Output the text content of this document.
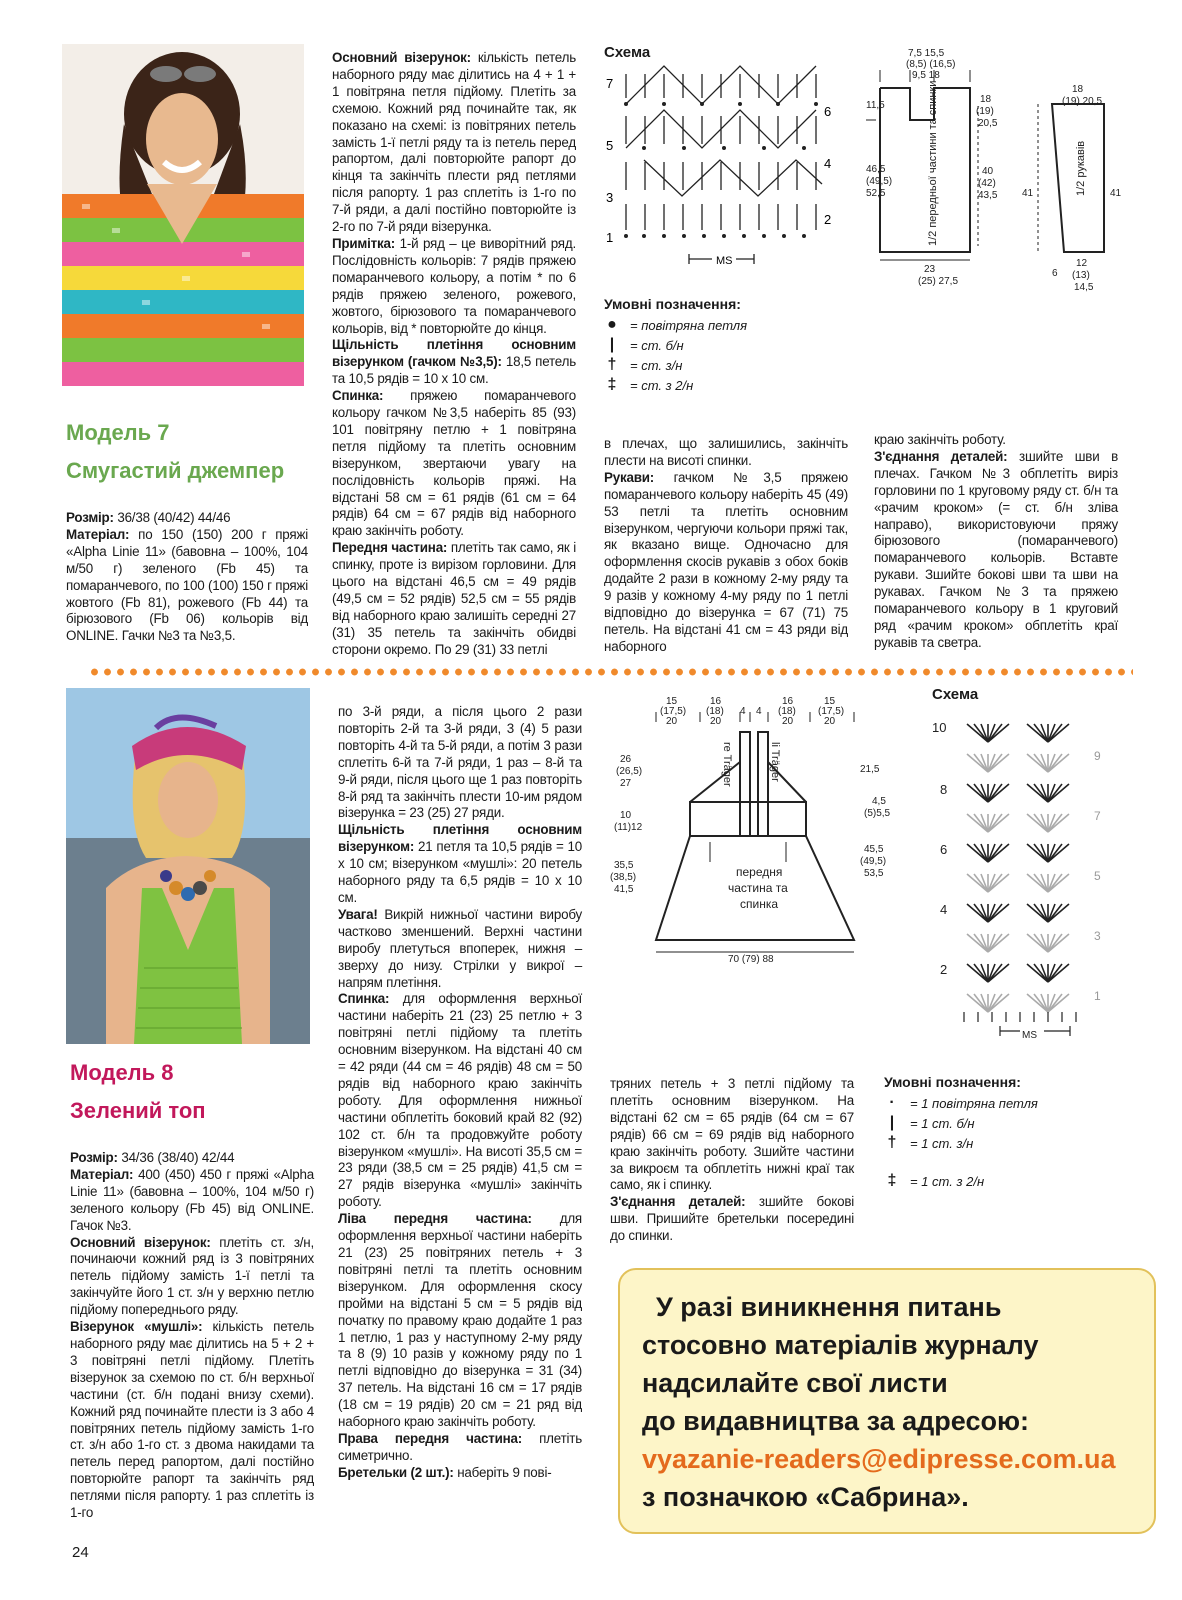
Модель 7
Смугастий джемпер

Розмір: 36/38 (40/42) 44/46

Матеріал: по 150 (150) 200 г пряжі «Alpha Linie 11» (бавовна – 100%, 104 м/50 г) зеленого (Fb 45) та помаранчевого, по 100 (100) 150 г пряжі жовтого (Fb 81), рожевого (Fb 44) та бірюзового (Fb 06) кольорів від ONLINE. Гачки №3 та №3,5.

Основний візерунок: кількість петель наборного ряду має ділитись на 4 + 1 + 1 повітряна петля підйому. Плетіть за схемою. Кожний ряд починайте так, як показано на схемі: із повітряних петель замість 1-ї петлі ряду та із петель перед рапортом, далі повторюйте рапорт до кінця та закінчіть плести ряд петлями після рапорту. 1 раз сплетіть із 1-го по 7-й ряди, а далі постійно повторюйте із 2-го по 7-й ряди візерунка.

Примітка: 1-й ряд – це виворітний ряд. Послідовність кольорів: 7 рядів пряжею помаранчевого кольору, а потім * по 6 рядів пряжею зеленого, рожевого, жовтого, бірюзового та помаранчевого кольорів, від * повторюйте до кінця.

Щільність плетіння основним візерунком (гачком №3,5): 18,5 петель та 10,5 рядів = 10 х 10 см.

Спинка: пряжею помаранчевого кольору гачком №3,5 наберіть 85 (93) 101 повітряну петлю + 1 повітряна петля підйому та плетіть основним візерунком, звертаючи увагу на послідовність кольорів пряжі. На відстані 58 см = 61 рядів (61 см = 64 рядів) 64 см = 67 рядів від наборного краю закінчіть роботу.

Передня частина: плетіть так само, як і спинку, проте із вирізом горловини. Для цього на відстані 46,5 см = 49 рядів (49,5 см = 52 рядів) 52,5 см = 55 рядів від наборного краю залишіть середні 27 (31) 35 петель та закінчіть обидві сторони окремо. По 29 (31) 33 петлі

в плечах, що залишились, закінчіть плести на висоті спинки.

Рукави: гачком №3,5 пряжею помаранчевого кольору наберіть 45 (49) 53 петлі та плетіть основним візерунком, чергуючи кольори пряжі так, як вказано вище. Одночасно для оформлення скосів рукавів з обох боків додайте 2 рази в кожному 2-му ряду та 9 разів у кожному 4-му ряду по 1 петлі відповідно до візерунка = 67 (71) 75 петель. На відстані 41 см = 43 ряди від наборного

краю закінчіть роботу.

З'єднання деталей: зшийте шви в плечах. Гачком №3 обплетіть виріз горловини по 1 круговому ряду ст. б/н та «рачим кроком» (= ст. б/н зліва направо), використовуючи пряжу бірюзового (помаранчевого) помаранчевого кольорів. Вставте рукави. Зшийте бокові шви та шви на рукавах. Гачком №3 та пряжею помаранчевого кольору в 1 круговий ряд «рачим кроком» обплетіть краї рукавів та светра.

Схема
7
5
3
1
6
4
2
MS
7,5 15,5
(8,5) (16,5)
9,5 18
11,5
18
(19)
20,5
46,5
(49,5)
52,5
40
(42)
43,5 41	41
23
(25) 27,5
18
(19) 20,5
12
(13)
14,5
6
1/2 передньої частини та спинки	1/2 рукавів
Умовні позначення:
● = повітряна петля
|	= ст. б/н
† = ст. з/н
‡ = ст. з 2/н
Модель 8
Зелений топ

Розмір: 34/36 (38/40) 42/44

Матеріал: 400 (450) 450 г пряжі «Alpha Linie 11» (бавовна – 100%, 104 м/50 г) зеленого кольору (Fb 45) від ONLINE. Гачок №3.

Основний візерунок: плетіть ст. з/н, починаючи кожний ряд із 3 повітряних петель підйому замість 1-ї петлі та закінчуйте його 1 ст. з/н у верхню петлю підйому попереднього ряду.

Візерунок «мушлі»: кількість петель наборного ряду має ділитись на 5 + 2 + 3 повітряні петлі підйому. Плетіть візерунок за схемою по ст. б/н верхньої частини (ст. б/н подані внизу схеми). Кожний ряд починайте плести із 3 або 4 повітряних петель підйому замість 1-го ст. з/н або 1-го ст. з двома накидами та петель перед рапортом, далі постійно повторюйте рапорт та закінчіть ряд петлями після рапорту. 1 раз сплетіть із 1-го

по 3-й ряди, а після цього 2 рази повторіть 2-й та 3-й ряди, 3 (4) 5 рази повторіть 4-й та 5-й ряди, а потім 3 рази сплетіть 6-й та 7-й ряди, 1 раз – 8-й та 9-й ряди, після цього ще 1 раз повторіть 8-й ряд та закінчіть плести 10-им рядом візерунка = 23 (25) 27 ряди.

Щільність плетіння основним візерунком: 21 петля та 10,5 рядів = 10 х 10 см; візерунком «мушлі»: 20 петель наборного ряду та 6,5 рядів = 10 х 10 см.

Увага! Викрій нижньої частини виробу частково зменшений. Верхні частини виробу плетуться впоперек, нижня – зверху до низу. Стрілки у викрої – напрям плетіння.

Спинка: для оформлення верхньої частини наберіть 21 (23) 25 петлю + 3 повітряні петлі підйому та плетіть основним візерунком. На відстані 40 см = 42 ряди (44 см = 46 рядів) 48 см = 50 рядів від наборного краю закінчіть роботу. Для оформлення нижньої частини обплетіть боковий край 82 (92) 102 ст. б/н та продовжуйте роботу візерунком «мушлі». На висоті 35,5 см = 23 ряди (38,5 см = 25 рядів) 41,5 см = 27 рядів візерунка «мушлі» закінчіть роботу.

Ліва передня частина: для оформлення верхньої частини наберіть 21 (23) 25 повітряних петель + 3 повітряні петлі та плетіть основним візерунком. Для оформлення скосу пройми на відстані 5 см = 5 рядів від початку по правому краю додайте 1 раз 1 петлю, 1 раз у наступному 2-му ряду та 8 (9) 10 разів у кожному ряду по 1 петлі відповідно до візерунка = 31 (34) 37 петель. На відстані 16 см = 17 рядів (18 см = 19 рядів) 20 см = 21 ряд від наборного краю закінчіть роботу.

Права передня частина: плетіть симетрично.

Бретельки (2 шт.): наберіть 9 пові-

тряних петель + 3 петлі підйому та плетіть основним візерунком. На відстані 62 см = 65 рядів (64 см = 67 рядів) 66 см = 69 рядів від наборного краю закінчіть роботу. Зшийте частини за викроєм та обплетіть нижні краї так само, як і спинку.

З'єднання деталей: зшийте бокові шви. Пришийте бретельки посередині до спинки.

15
(17,5)
20
16
(18)
20
4 4
16
(18)
20
15
(17,5)
20
26
(26,5)
27
10
(11)12
35,5
(38,5)
41,5
21,5
4,5
(5)5,5
45,5
(49,5)
53,5
передня
частина та
спинка
70 (79) 88
re Träger	li Träger
Схема
10
8
6
4
2
9
7
5
3
1
MS
Умовні позначення:
·	= 1 повітряна петля
|	= 1 ст. б/н
† = 1 ст. з/н
‡ = 1 ст. з 2/н

У разі виникнення питань

стосовно матеріалів журналу

надсилайте свої листи

до видавництва за адресою:

vyazanie-readers@edipresse.com.ua

з позначкою «Сабрина».

24
